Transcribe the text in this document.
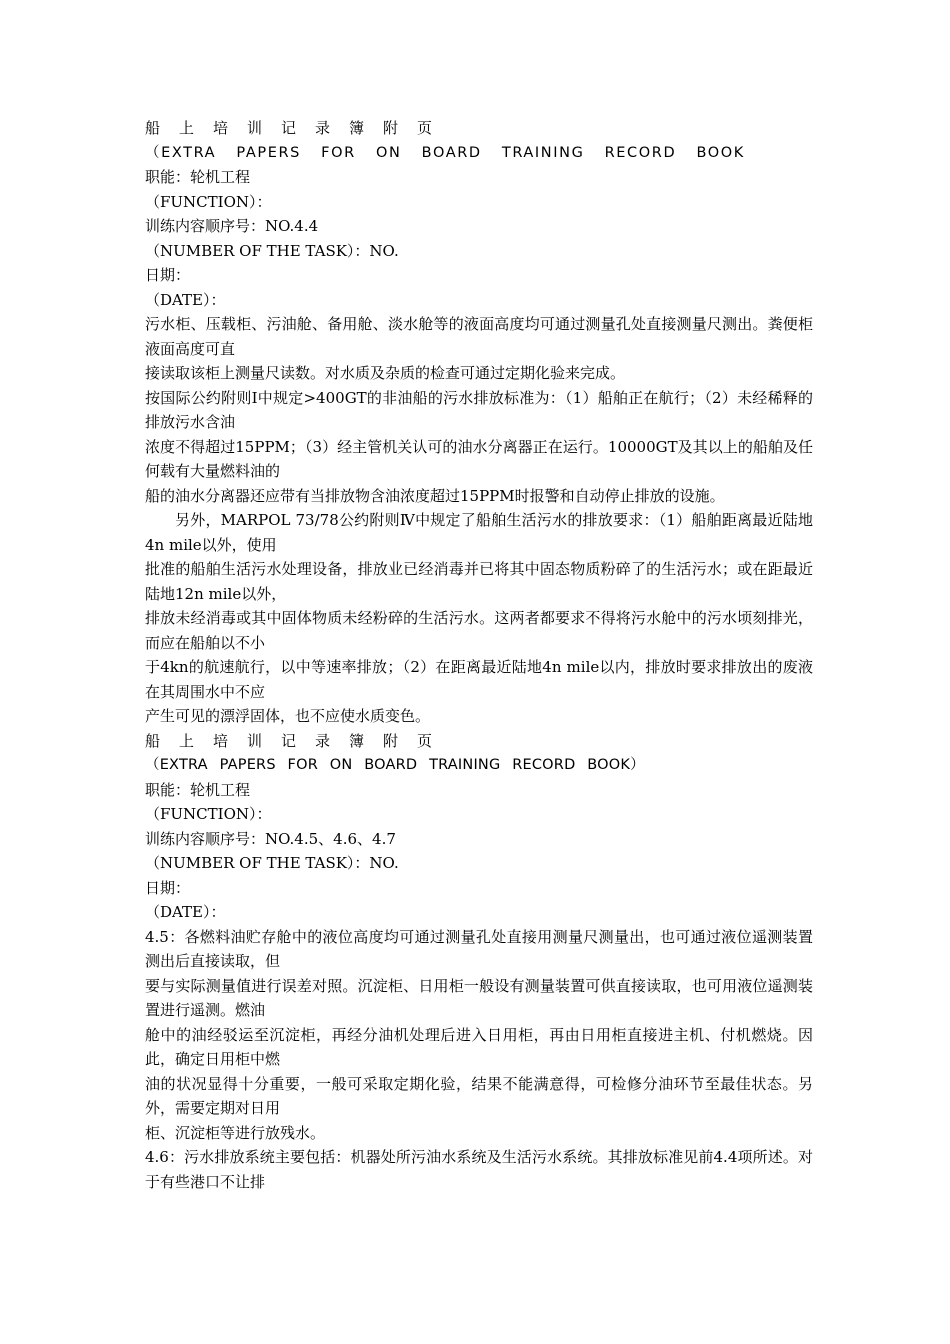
船上培训记录簿附页
（EXTRA PAPERS FOR ON BOARD TRAINING RECORD BOOK
职能：轮机工程
（FUNCTION）：
训练内容顺序号：NO.4.4
（NUMBER OF THE TASK）：NO.
日期：
（DATE）：
污水柜、压载柜、污油舱、备用舱、淡水舱等的液面高度均可通过测量孔处直接测量尺测出。粪便柜液面高度可直
接读取该柜上测量尺读数。对水质及杂质的检查可通过定期化验来完成。
按国际公约附则Ⅰ中规定>400GT的非油船的污水排放标准为：（1）船舶正在航行；（2）未经稀释的排放污水含油
浓度不得超过15PPM；（3）经主管机关认可的油水分离器正在运行。10000GT及其以上的船舶及任何载有大量燃料油的
船的油水分离器还应带有当排放物含油浓度超过15PPM时报警和自动停止排放的设施。
另外，MARPOL 73/78公约附则Ⅳ中规定了船舶生活污水的排放要求：（1）船舶距离最近陆地4n mile以外，使用
批准的船舶生活污水处理设备，排放业已经消毒并已将其中固态物质粉碎了的生活污水；或在距最近陆地12n mile以外，
排放未经消毒或其中固体物质未经粉碎的生活污水。这两者都要求不得将污水舱中的污水顷刻排光，而应在船舶以不小
于4kn的航速航行，以中等速率排放；（2）在距离最近陆地4n mile以内，排放时要求排放出的废液在其周围水中不应
产生可见的漂浮固体，也不应使水质变色。
船上培训记录簿附页
（EXTRA PAPERS FOR ON BOARD TRAINING RECORD BOOK）
职能：轮机工程
（FUNCTION）：
训练内容顺序号：NO.4.5、4.6、4.7
（NUMBER OF THE TASK）：NO.
日期：
（DATE）：
4.5：各燃料油贮存舱中的液位高度均可通过测量孔处直接用测量尺测量出，也可通过液位遥测装置测出后直接读取，但
要与实际测量值进行误差对照。沉淀柜、日用柜一般设有测量装置可供直接读取，也可用液位遥测装置进行遥测。燃油
舱中的油经驳运至沉淀柜，再经分油机处理后进入日用柜，再由日用柜直接进主机、付机燃烧。因此，确定日用柜中燃
油的状况显得十分重要，一般可采取定期化验，结果不能满意得，可检修分油环节至最佳状态。另外，需要定期对日用
柜、沉淀柜等进行放残水。
4.6：污水排放系统主要包括：机器处所污油水系统及生活污水系统。其排放标准见前4.4项所述。对于有些港口不让排
